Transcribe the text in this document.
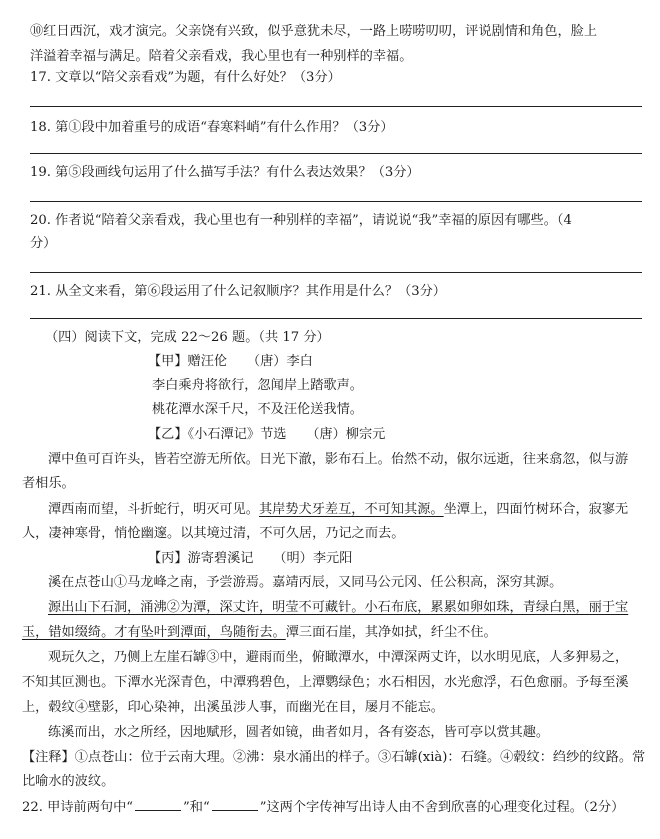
⑩红日西沉，戏才演完。父亲饶有兴致，似乎意犹未尽，一路上唠唠叨叨，评说剧情和角色，脸上
洋溢着幸福与满足。陪着父亲看戏，我心里也有一种别样的幸福。
17. 文章以“陪父亲看戏”为题，有什么好处？（3分）
18. 第①段中加着重号的成语“春寒料峭”有什么作用？（3分）
19. 第⑤段画线句运用了什么描写手法？有什么表达效果？（3分）
20. 作者说“陪着父亲看戏，我心里也有一种别样的幸福”，请说说“我”幸福的原因有哪些。（4
分）
21. 从全文来看，第⑥段运用了什么记叙顺序？其作用是什么？（3分）
（四）阅读下文，完成 22～26 题。（共 17 分）
【甲】赠汪伦　　（唐）李白
李白乘舟将欲行，忽闻岸上踏歌声。
桃花潭水深千尺，不及汪伦送我情。
【乙】《小石潭记》节选　　（唐）柳宗元
潭中鱼可百许头，皆若空游无所依。日光下澈，影布石上。佁然不动，俶尔远逝，往来翕忽，似与游
者相乐。
潭西南而望，斗折蛇行，明灭可见。其岸势犬牙差互，不可知其源。坐潭上，四面竹树环合，寂寥无
人，凄神寒骨，悄怆幽邃。以其境过清，不可久居，乃记之而去。
【丙】游寄碧溪记　　（明）李元阳
溪在点苍山①马龙峰之南，予尝游焉。嘉靖丙辰，又同马公元冈、任公积高，深穷其源。
源出山下石洞，涌沸②为潭，深丈许，明莹不可藏针。小石布底，累累如卵如珠，青绿白黑，丽于宝
玉，错如缀绮。才有坠叶到潭面，鸟随衔去。潭三面石崖，其净如拭，纤尘不住。
观玩久之，乃侧上左崖石罅③中，避雨而坐，俯瞰潭水，中潭深两丈许，以水明见底，人多狎易之，
不知其叵测也。下潭水光深青色，中潭鸦碧色，上潭鹦绿色；水石相因，水光愈浮，石色愈丽。予每至溪
上，毂纹④壁影，印心染神，出溪虽涉人事，而幽光在目，屡月不能忘。
练溪而出，水之所经，因地赋形，圆者如镜，曲者如月，各有姿态，皆可亭以赏其趣。
【注释】①点苍山：位于云南大理。②沸：泉水涌出的样子。③石罅(xià)：石缝。④毂纹：绉纱的纹路。常
比喻水的波纹。
22. 甲诗前两句中“	”和“	”这两个字传神写出诗人由不舍到欣喜的心理变化过程。（2分）
